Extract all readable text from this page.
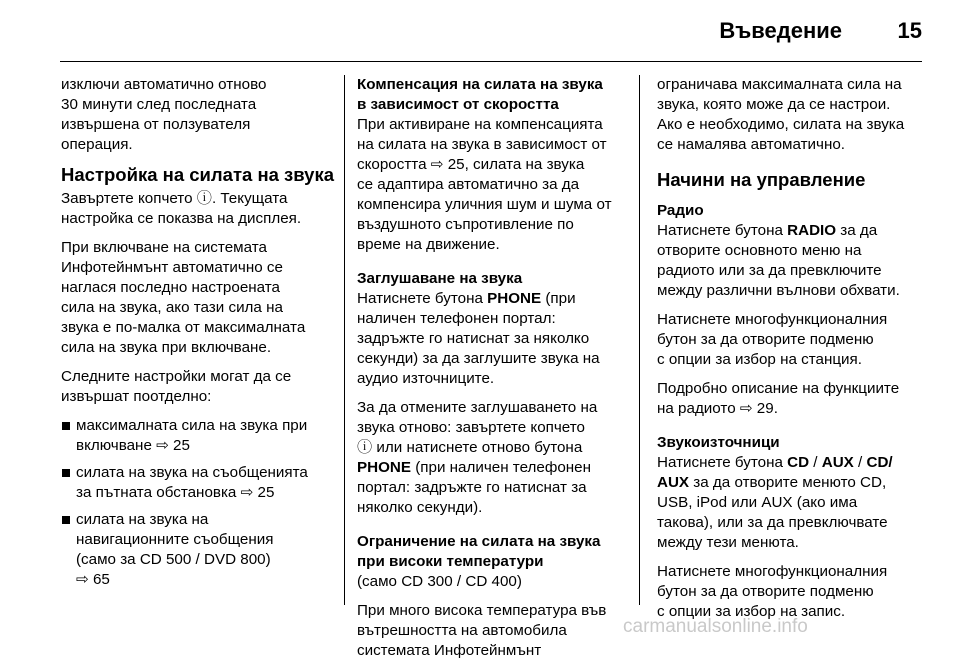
Въведение	15

изключи автоматично отново
30 минути след последната
извършена от ползувателя
операция.

Настройка на силата на звука

Завъртете копчето ⓘ. Текущата
настройка се показва на дисплея.

При включване на системата
Инфотейнмънт автоматично се
наглася последно настроената
сила на звука, ако тази сила на
звука е по-малка от максималната
сила на звука при включване.

Следните настройки могат да се
извършат поотделно:

максималната сила на звука при
включване ⇨ 25
силата на звука на съобщенията
за пътната обстановка ⇨ 25
силата на звука на
навигационните съобщения
(само за CD 500 / DVD 800)
⇨ 65
Компенсация на силата на звука
в зависимост от скоростта

При активиране на компенсацията
на силата на звука в зависимост от
скоростта ⇨ 25, силата на звука
се адаптира автоматично за да
компенсира уличния шум и шума от
въздушното съпротивление по
време на движение.

Заглушаване на звука

Натиснете бутона PHONE (при
наличен телефонен портал:
задръжте го натиснат за няколко
секунди) за да заглушите звука на
аудио източниците.

За да отмените заглушаването на
звука отново: завъртете копчето
ⓘ или натиснете отново бутона
PHONE (при наличен телефонен
портал: задръжте го натиснат за
няколко секунди).

Ограничение на силата на звука
при високи температури

(само CD 300 / CD 400)

При много висока температура във
вътрешността на автомобила
системата Инфотейнмънт

ограничава максималната сила на
звука, която може да се настрои.
Ако е необходимо, силата на звука
се намалява автоматично.

Начини на управление
Радио

Натиснете бутона RADIO за да
отворите основното меню на
радиото или за да превключите
между различни вълнови обхвати.

Натиснете многофункционалния
бутон за да отворите подменю
с опции за избор на станция.

Подробно описание на функциите
на радиото ⇨ 29.

Звукоизточници

Натиснете бутона CD / AUX / CD/
AUX за да отворите менюто CD,
USB, iPod или AUX (ако има
такова), или за да превключвате
между тези менюта.

Натиснете многофункционалния
бутон за да отворите подменю
с опции за избор на запис.

carmanualsonline.info
